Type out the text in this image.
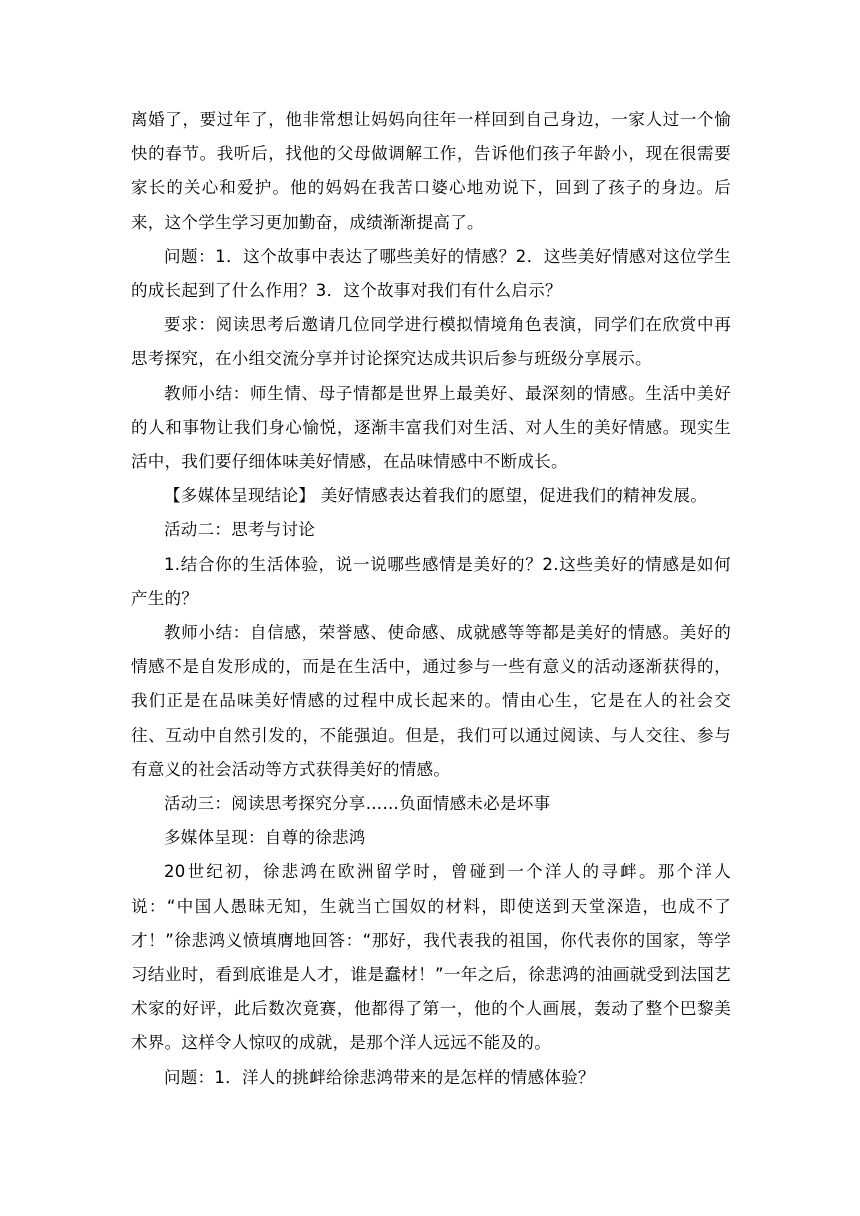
离婚了，要过年了，他非常想让妈妈向往年一样回到自己身边，一家人过一个愉快的春节。我听后，找他的父母做调解工作，告诉他们孩子年龄小，现在很需要家长的关心和爱护。他的妈妈在我苦口婆心地劝说下，回到了孩子的身边。后来，这个学生学习更加勤奋，成绩渐渐提高了。

问题：1．这个故事中表达了哪些美好的情感？2．这些美好情感对这位学生的成长起到了什么作用？3．这个故事对我们有什么启示？

要求：阅读思考后邀请几位同学进行模拟情境角色表演，同学们在欣赏中再思考探究，在小组交流分享并讨论探究达成共识后参与班级分享展示。

教师小结：师生情、母子情都是世界上最美好、最深刻的情感。生活中美好的人和事物让我们身心愉悦，逐渐丰富我们对生活、对人生的美好情感。现实生活中，我们要仔细体味美好情感，在品味情感中不断成长。

【多媒体呈现结论】 美好情感表达着我们的愿望，促进我们的精神发展。

活动二：思考与讨论

1.结合你的生活体验，说一说哪些感情是美好的？2.这些美好的情感是如何产生的？

教师小结：自信感，荣誉感、使命感、成就感等等都是美好的情感。美好的情感不是自发形成的，而是在生活中，通过参与一些有意义的活动逐渐获得的，我们正是在品味美好情感的过程中成长起来的。情由心生，它是在人的社会交往、互动中自然引发的，不能强迫。但是，我们可以通过阅读、与人交往、参与有意义的社会活动等方式获得美好的情感。

活动三：阅读思考探究分享……负面情感未必是坏事

多媒体呈现：自尊的徐悲鸿

20世纪初，徐悲鸿在欧洲留学时，曾碰到一个洋人的寻衅。那个洋人说：“中国人愚昧无知，生就当亡国奴的材料，即使送到天堂深造，也成不了才！”徐悲鸿义愤填膺地回答：“那好，我代表我的祖国，你代表你的国家，等学习结业时，看到底谁是人才，谁是蠢材！”一年之后，徐悲鸿的油画就受到法国艺术家的好评，此后数次竟赛，他都得了第一，他的个人画展，轰动了整个巴黎美术界。这样令人惊叹的成就，是那个洋人远远不能及的。

问题：1．洋人的挑衅给徐悲鸿带来的是怎样的情感体验？
